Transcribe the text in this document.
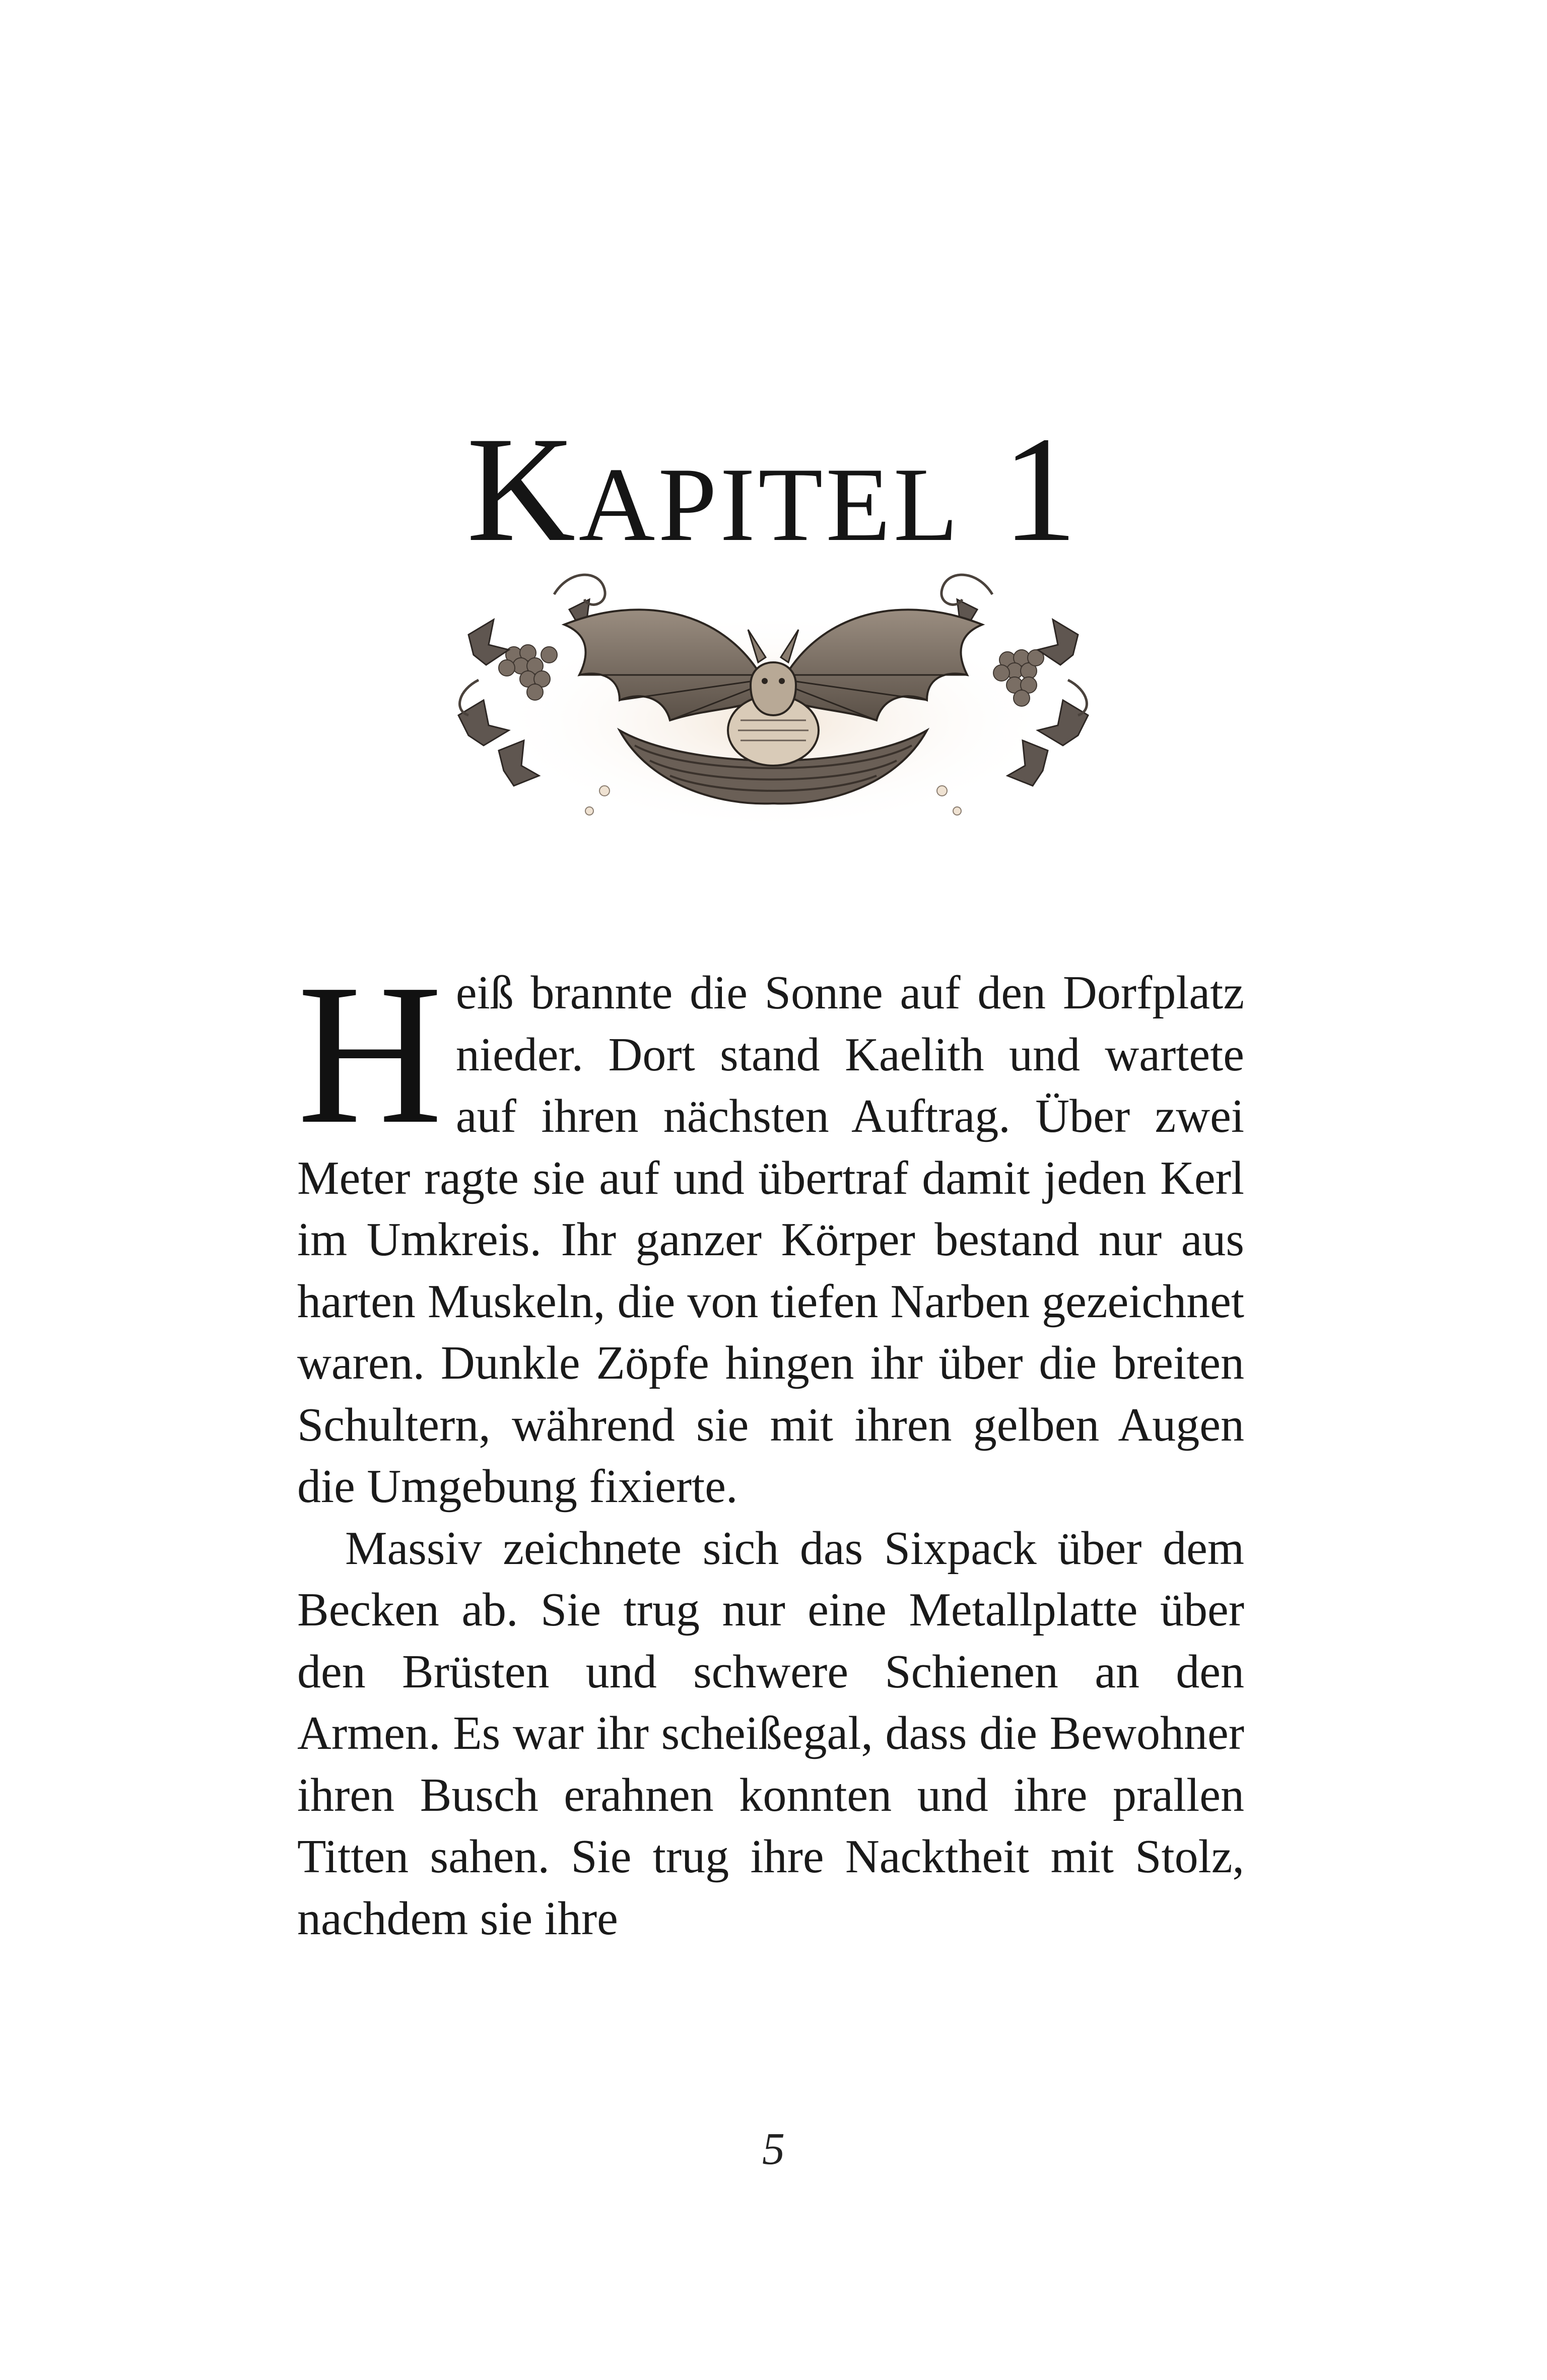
Kapitel 1

Heiß brannte die Sonne auf den Dorfplatz nieder. Dort stand Kaelith und wartete auf ihren nächsten Auftrag. Über zwei Meter ragte sie auf und übertraf damit jeden Kerl im Umkreis. Ihr ganzer Körper bestand nur aus harten Muskeln, die von tiefen Narben gezeichnet waren. Dunkle Zöpfe hingen ihr über die breiten Schultern, während sie mit ihren gelben Augen die Umgebung fixierte.

Massiv zeichnete sich das Sixpack über dem Becken ab. Sie trug nur eine Metallplatte über den Brüsten und schwere Schienen an den Armen. Es war ihr scheißegal, dass die Bewohner ihren Busch erahnen konnten und ihre prallen Titten sahen. Sie trug ihre Nacktheit mit Stolz, nachdem sie ihre

5
